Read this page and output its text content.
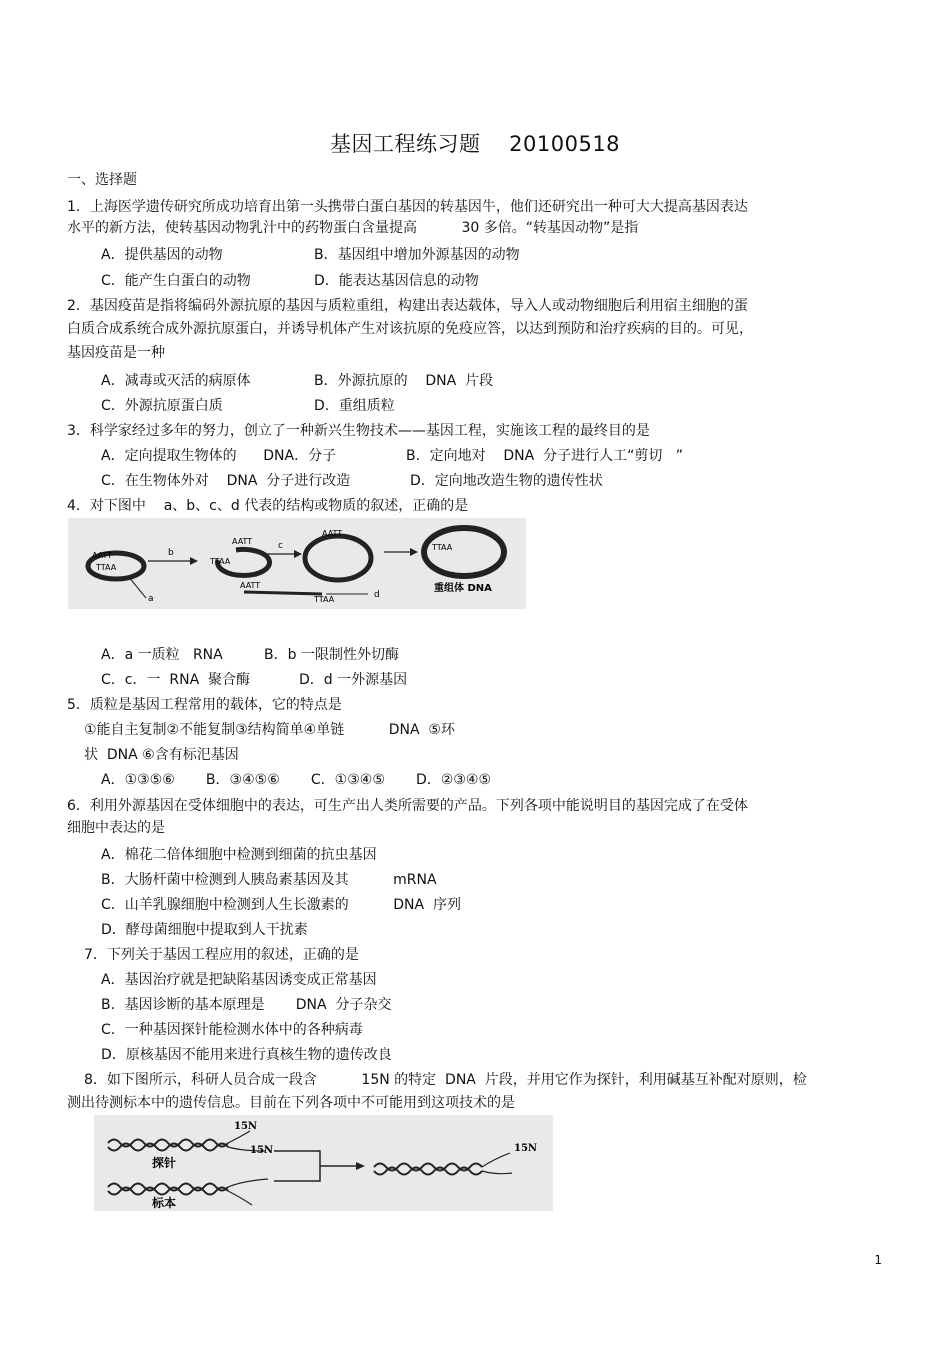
基因工程练习题    20100518
一、选择题
1．上海医学遗传研究所成功培育出第一头携带白蛋白基因的转基因牛，他们还研究出一种可大大提高基因表达
水平的新方法，使转基因动物乳汁中的药物蛋白含量提高          30 多倍。“转基因动物”是指
A．提供基因的动物	B．基因组中增加外源基因的动物
C．能产生白蛋白的动物	D．能表达基因信息的动物
2．基因疫苗是指将编码外源抗原的基因与质粒重组，构建出表达载体，导入人或动物细胞后利用宿主细胞的蛋
白质合成系统合成外源抗原蛋白，并诱导机体产生对该抗原的免疫应答，以达到预防和治疗疾病的目的。可见，
基因疫苗是一种
A．减毒或灭活的病原体	B．外源抗原的    DNA  片段
C．外源抗原蛋白质	D．重组质粒
3．科学家经过多年的努力，创立了一种新兴生物技术——基因工程，实施该工程的最终目的是
A．定向提取生物体的      DNA．分子	B．定向地对    DNA  分子进行人工“剪切   ”
C．在生物体外对    DNA  分子进行改造	D．定向地改造生物的遗传性状
4．对下图中    a、b、c、d 代表的结构或物质的叙述，正确的是
AATT
TTAA
a
b
TTAA
AATT	c
AATT
AATT
TTAA	d
TTAA
重组体 DNA
A．a 一质粒   RNA	B．b 一限制性外切酶
C．c．一  RNA  聚合酶	D．d 一外源基因
5．质粒是基因工程常用的载体，它的特点是
①能自主复制②不能复制③结构简单④单链          DNA  ⑤环
状  DNA ⑥含有标汜基因
A．①③⑤⑥       B．③④⑤⑥       C．①③④⑤       D．②③④⑤
6．利用外源基因在受体细胞中的表达，可生产出人类所需要的产品。下列各项中能说明目的基因完成了在受体
细胞中表达的是
A．棉花二倍体细胞中检测到细菌的抗虫基因
B．大肠杆菌中检测到人胰岛素基因及其          mRNA
C．山羊乳腺细胞中检测到人生长激素的          DNA  序列
D．酵母菌细胞中提取到人干扰素
7．下列关于基因工程应用的叙述，正确的是
A．基因治疗就是把缺陷基因诱变成正常基因
B．基因诊断的基本原理是       DNA  分子杂交
C．一种基因探针能检测水体中的各种病毒
D．原核基因不能用来进行真核生物的遗传改良
8．如下图所示，科研人员合成一段含          15N 的特定  DNA  片段，并用它作为探针，利用碱基互补配对原则，检
测出待测标本中的遗传信息。目前在下列各项中不可能用到这项技术的是
15N
15N
探针
标本
15N
1
